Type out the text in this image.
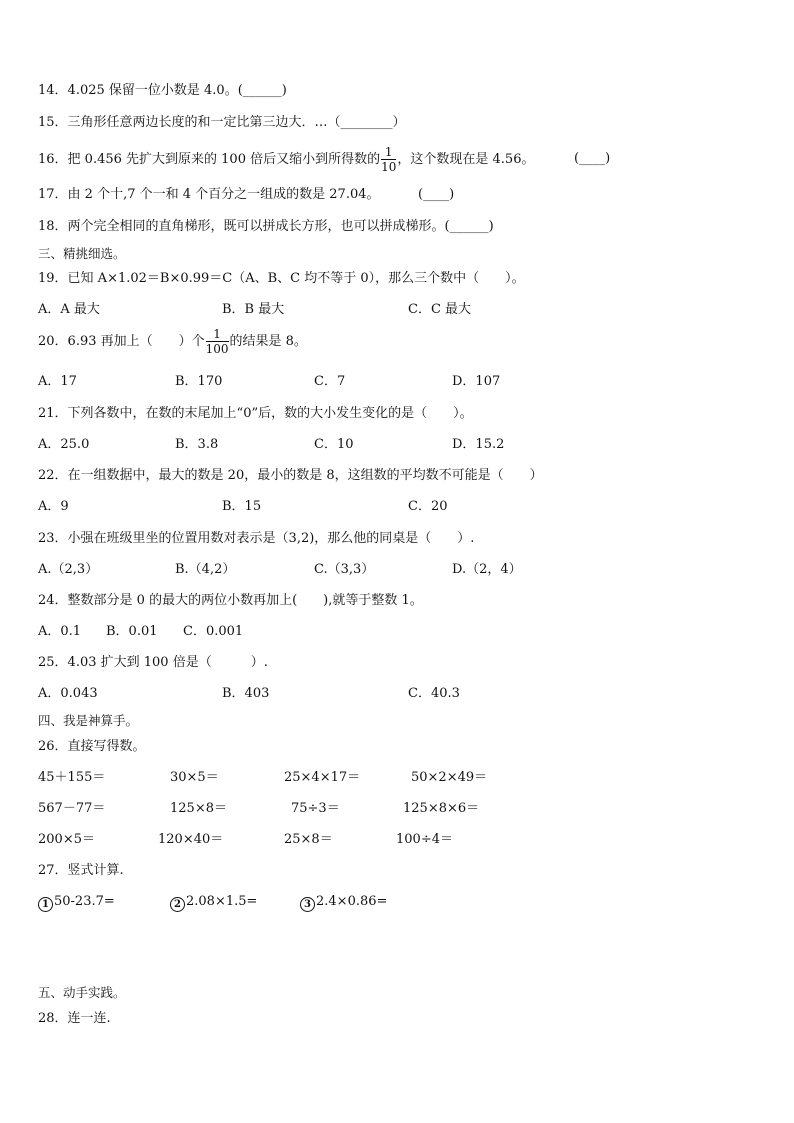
14．4.025 保留一位小数是 4.0。(______)
15．三角形任意两边长度的和一定比第三边大．…（________）
16．把 0.456 先扩大到原来的 100 倍后又缩小到所得数的 $\frac{1}{10}$ ，这个数现在是 4.56。	(____)
17．由 2 个十,7 个一和 4 个百分之一组成的数是 27.04。	(____)
18．两个完全相同的直角梯形，既可以拼成长方形，也可以拼成梯形。(______)
三、精挑细选。
19．已知 A×1.02＝B×0.99＝C（A、B、C 均不等于 0），那么三个数中（　　）。
A．A 最大	B．B 最大	C．C 最大
20．6.93 再加上（　　）个 $\frac{1}{100}$ 的结果是 8。
A．17	B．170	C．7	D．107
21．下列各数中，在数的末尾加上“0”后，数的大小发生变化的是（　　）。
A．25.0	B．3.8	C．10	D．15.2
22．在一组数据中，最大的数是 20，最小的数是 8，这组数的平均数不可能是（　　）
A．9	B．15	C．20
23．小强在班级里坐的位置用数对表示是（3,2)，那么他的同桌是（　　）.
A.（2,3）	B.（4,2）	C.（3,3）	D.（2，4）
24．整数部分是 0 的最大的两位小数再加上(　　),就等于整数 1。
A．0.1 B．0.01 C．0.001
25．4.03 扩大到 100 倍是（　　　）.
A．0.043	B．403	C．40.3
四、我是神算手。
26．直接写得数。
45＋155＝	30×5＝	25×4×17＝	50×2×49＝
567－77＝	125×8＝	75÷3＝	125×8×6＝
200×5＝	120×40＝	25×8＝	100÷4＝
27．竖式计算.
1 50-23.7=	2 2.08×1.5=	3 2.4×0.86=
五、动手实践。
28．连一连.
